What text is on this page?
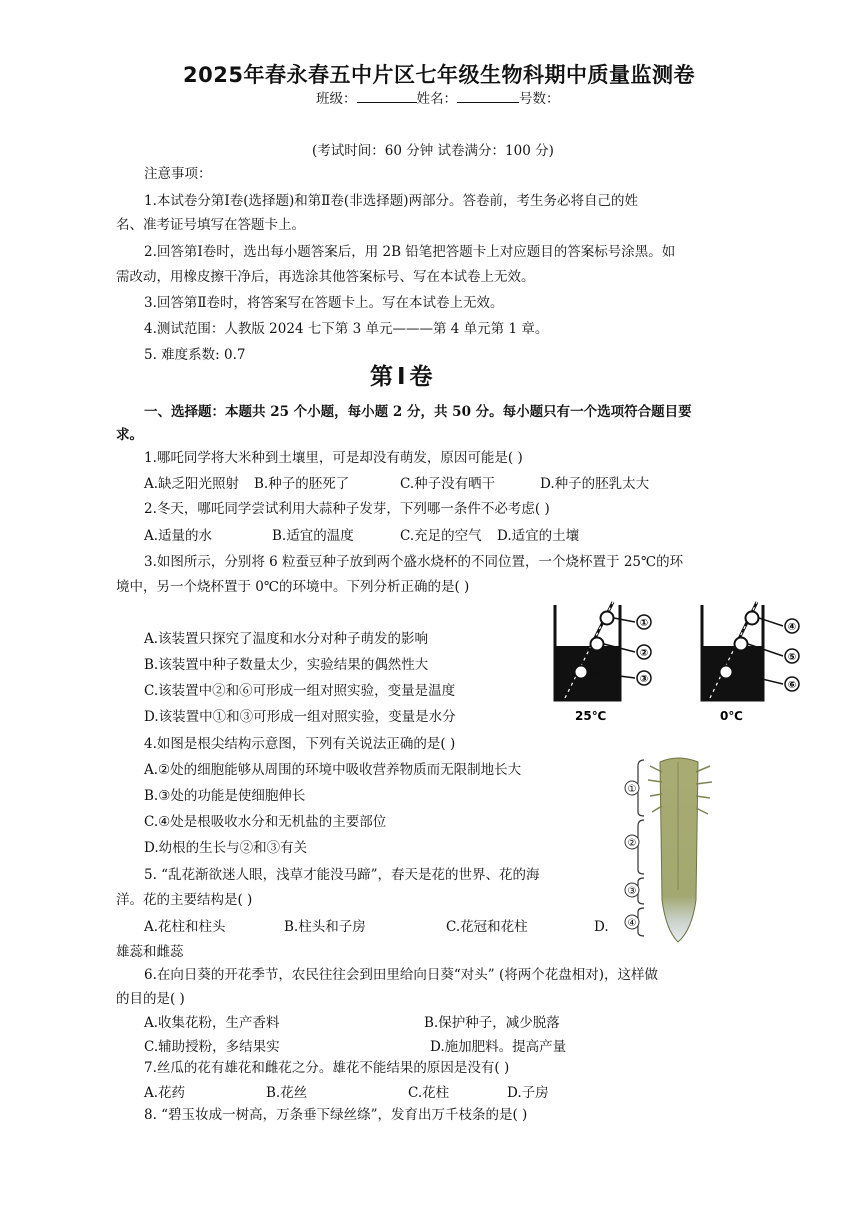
2025年春永春五中片区七年级生物科期中质量监测卷
班级：	姓名：	号数：
(考试时间：60 分钟 试卷满分：100 分)
注意事项：
1.本试卷分第Ⅰ卷(选择题)和第Ⅱ卷(非选择题)两部分。答卷前，考生务必将自己的姓
名、准考证号填写在答题卡上。
2.回答第Ⅰ卷时，选出每小题答案后，用 2B 铅笔把答题卡上对应题目的答案标号涂黑。如
需改动，用橡皮擦干净后，再选涂其他答案标号、写在本试卷上无效。
3.回答第Ⅱ卷时，将答案写在答题卡上。写在本试卷上无效。
4.测试范围：人教版 2024 七下第 3 单元———第 4 单元第 1 章。
5. 难度系数: 0.7
第Ⅰ卷
一、选择题：本题共 25 个小题，每小题 2 分，共 50 分。每小题只有一个选项符合题目要
求。
1.哪吒同学将大米种到土壤里，可是却没有萌发，原因可能是( )
A.缺乏阳光照射 B.种子的胚死了	C.种子没有晒干	D.种子的胚乳太大
2.冬天，哪吒同学尝试利用大蒜种子发芽，下列哪一条件不必考虑( )
A.适量的水	B.适宜的温度	C.充足的空气 D.适宜的土壤
3.如图所示，分别将 6 粒蚕豆种子放到两个盛水烧杯的不同位置，一个烧杯置于 25℃的环
境中，另一个烧杯置于 0℃的环境中。下列分析正确的是( )
A.该装置只探究了温度和水分对种子萌发的影响
B.该装置中种子数量太少，实验结果的偶然性大
C.该装置中②和⑥可形成一组对照实验，变量是温度
D.该装置中①和③可形成一组对照实验，变量是水分
①
②
③
25℃
④
⑤
⑥
0℃
4.如图是根尖结构示意图，下列有关说法正确的是( )
A.②处的细胞能够从周围的环境中吸收营养物质而无限制地长大
B.③处的功能是使细胞伸长
C.④处是根吸收水分和无机盐的主要部位
D.幼根的生长与②和③有关
①
②
③
④
5. “乱花渐欲迷人眼，浅草才能没马蹄”，春天是花的世界、花的海
洋。花的主要结构是( )
A.花柱和柱头	B.柱头和子房	C.花冠和花柱	D.
雄蕊和雌蕊
6.在向日葵的开花季节，农民往往会到田里给向日葵“对头” (将两个花盘相对)，这样做
的目的是( )
A.收集花粉，生产香料	B.保护种子，减少脱落
C.辅助授粉，多结果实	D.施加肥料。提高产量
7.丝瓜的花有雄花和雌花之分。雄花不能结果的原因是没有( )
A.花药	B.花丝	C.花柱	D.子房
8. “碧玉妆成一树高，万条垂下绿丝绦”，发育出万千枝条的是( )
